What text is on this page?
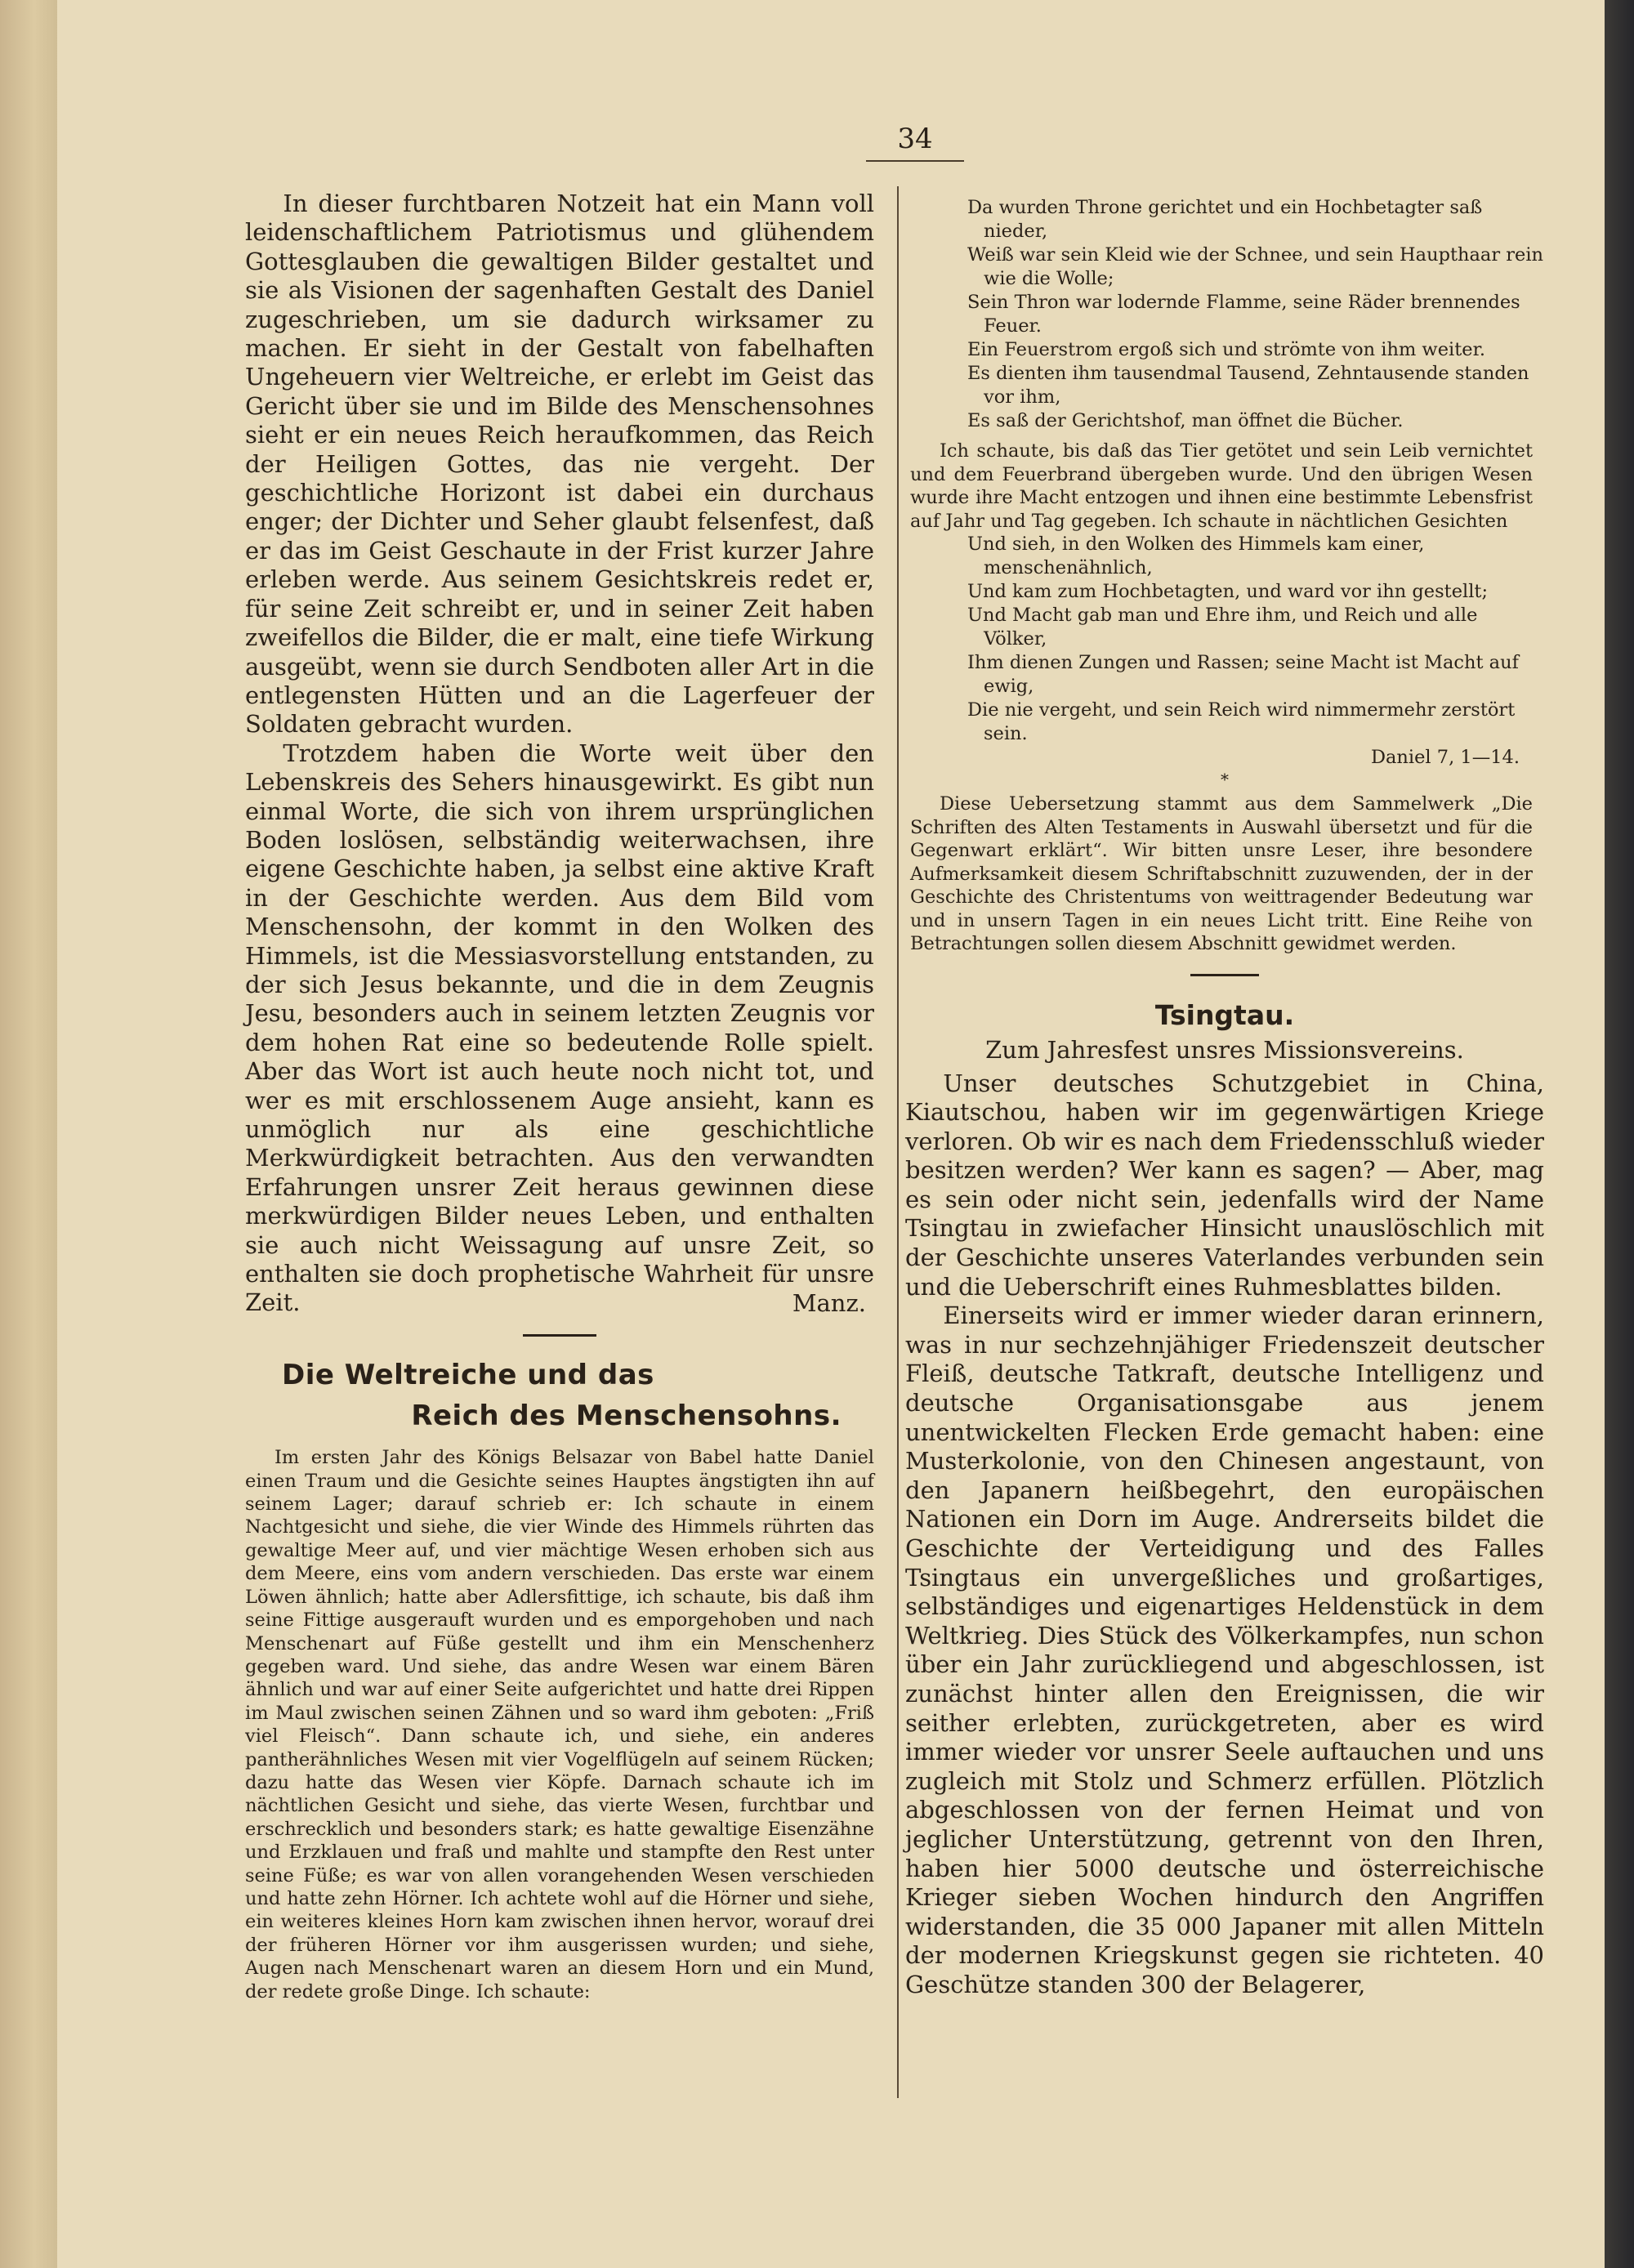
34

In dieser furchtbaren Notzeit hat ein Mann voll leidenschaftlichem Patriotismus und glühendem Gottesglauben die gewaltigen Bilder gestaltet und sie als Visionen der sagenhaften Gestalt des Daniel zugeschrieben, um sie dadurch wirksamer zu machen. Er sieht in der Gestalt von fabelhaften Ungeheuern vier Weltreiche, er erlebt im Geist das Gericht über sie und im Bilde des Menschensohnes sieht er ein neues Reich heraufkommen, das Reich der Heiligen Gottes, das nie vergeht. Der geschichtliche Horizont ist dabei ein durchaus enger; der Dichter und Seher glaubt felsenfest, daß er das im Geist Geschaute in der Frist kurzer Jahre erleben werde. Aus seinem Gesichtskreis redet er, für seine Zeit schreibt er, und in seiner Zeit haben zweifellos die Bilder, die er malt, eine tiefe Wirkung ausgeübt, wenn sie durch Sendboten aller Art in die entlegensten Hütten und an die Lagerfeuer der Soldaten gebracht wurden.

Trotzdem haben die Worte weit über den Lebenskreis des Sehers hinausgewirkt. Es gibt nun einmal Worte, die sich von ihrem ursprünglichen Boden loslösen, selbständig weiterwachsen, ihre eigene Geschichte haben, ja selbst eine aktive Kraft in der Geschichte werden. Aus dem Bild vom Menschensohn, der kommt in den Wolken des Himmels, ist die Messiasvorstellung entstanden, zu der sich Jesus bekannte, und die in dem Zeugnis Jesu, besonders auch in seinem letzten Zeugnis vor dem hohen Rat eine so bedeutende Rolle spielt. Aber das Wort ist auch heute noch nicht tot, und wer es mit erschlossenem Auge ansieht, kann es unmöglich nur als eine geschichtliche Merkwürdigkeit betrachten. Aus den verwandten Erfahrungen unsrer Zeit heraus gewinnen diese merkwürdigen Bilder neues Leben, und enthalten sie auch nicht Weissagung auf unsre Zeit, so enthalten sie doch prophetische Wahrheit für unsre Zeit.	Manz.

Die Weltreiche und das
Reich des Menschensohns.

Im ersten Jahr des Königs Belsazar von Babel hatte Daniel einen Traum und die Gesichte seines Hauptes ängstigten ihn auf seinem Lager; darauf schrieb er: Ich schaute in einem Nachtgesicht und siehe, die vier Winde des Himmels rührten das gewaltige Meer auf, und vier mächtige Wesen erhoben sich aus dem Meere, eins vom andern verschieden. Das erste war einem Löwen ähnlich; hatte aber Adlersfittige, ich schaute, bis daß ihm seine Fittige ausgerauft wurden und es emporgehoben und nach Menschenart auf Füße gestellt und ihm ein Menschenherz gegeben ward. Und siehe, das andre Wesen war einem Bären ähnlich und war auf einer Seite aufgerichtet und hatte drei Rippen im Maul zwischen seinen Zähnen und so ward ihm geboten: „Friß viel Fleisch“. Dann schaute ich, und siehe, ein anderes pantherähnliches Wesen mit vier Vogelflügeln auf seinem Rücken; dazu hatte das Wesen vier Köpfe. Darnach schaute ich im nächtlichen Gesicht und siehe, das vierte Wesen, furchtbar und erschrecklich und besonders stark; es hatte gewaltige Eisenzähne und Erzklauen und fraß und mahlte und stampfte den Rest unter seine Füße; es war von allen vorangehenden Wesen verschieden und hatte zehn Hörner. Ich achtete wohl auf die Hörner und siehe, ein weiteres kleines Horn kam zwischen ihnen hervor, worauf drei der früheren Hörner vor ihm ausgerissen wurden; und siehe, Augen nach Menschenart waren an diesem Horn und ein Mund, der redete große Dinge. Ich schaute:

Da wurden Throne gerichtet und ein Hochbetagter saß nieder,

Weiß war sein Kleid wie der Schnee, und sein Haupthaar rein wie die Wolle;

Sein Thron war lodernde Flamme, seine Räder brennendes Feuer.

Ein Feuerstrom ergoß sich und strömte von ihm weiter.

Es dienten ihm tausendmal Tausend, Zehntausende standen vor ihm,

Es saß der Gerichtshof, man öffnet die Bücher.

Ich schaute, bis daß das Tier getötet und sein Leib vernichtet und dem Feuerbrand übergeben wurde. Und den übrigen Wesen wurde ihre Macht entzogen und ihnen eine bestimmte Lebensfrist auf Jahr und Tag gegeben. Ich schaute in nächtlichen Gesichten

Und sieh, in den Wolken des Himmels kam einer, menschenähnlich,

Und kam zum Hochbetagten, und ward vor ihn gestellt;

Und Macht gab man und Ehre ihm, und Reich und alle Völker,

Ihm dienen Zungen und Rassen; seine Macht ist Macht auf ewig,

Die nie vergeht, und sein Reich wird nimmermehr zerstört sein.

Daniel 7, 1—14.

*

Diese Uebersetzung stammt aus dem Sammelwerk „Die Schriften des Alten Testaments in Auswahl übersetzt und für die Gegenwart erklärt“. Wir bitten unsre Leser, ihre besondere Aufmerksamkeit diesem Schriftabschnitt zuzuwenden, der in der Geschichte des Christentums von weittragender Bedeutung war und in unsern Tagen in ein neues Licht tritt. Eine Reihe von Betrachtungen sollen diesem Abschnitt gewidmet werden.

Tsingtau.

Zum Jahresfest unsres Missionsvereins.

Unser deutsches Schutzgebiet in China, Kiautschou, haben wir im gegenwärtigen Kriege verloren. Ob wir es nach dem Friedensschluß wieder besitzen werden? Wer kann es sagen? — Aber, mag es sein oder nicht sein, jedenfalls wird der Name Tsingtau in zwiefacher Hinsicht unauslöschlich mit der Geschichte unseres Vaterlandes verbunden sein und die Ueberschrift eines Ruhmesblattes bilden.

Einerseits wird er immer wieder daran erinnern, was in nur sechzehnjähiger Friedenszeit deutscher Fleiß, deutsche Tatkraft, deutsche Intelligenz und deutsche Organisationsgabe aus jenem unentwickelten Flecken Erde gemacht haben: eine Musterkolonie, von den Chinesen angestaunt, von den Japanern heißbegehrt, den europäischen Nationen ein Dorn im Auge. Andrerseits bildet die Geschichte der Verteidigung und des Falles Tsingtaus ein unvergeßliches und großartiges, selbständiges und eigenartiges Heldenstück in dem Weltkrieg. Dies Stück des Völkerkampfes, nun schon über ein Jahr zurückliegend und abgeschlossen, ist zunächst hinter allen den Ereignissen, die wir seither erlebten, zurückgetreten, aber es wird immer wieder vor unsrer Seele auftauchen und uns zugleich mit Stolz und Schmerz erfüllen. Plötzlich abgeschlossen von der fernen Heimat und von jeglicher Unterstützung, getrennt von den Ihren, haben hier 5000 deutsche und österreichische Krieger sieben Wochen hindurch den Angriffen widerstanden, die 35 000 Japaner mit allen Mitteln der modernen Kriegskunst gegen sie richteten. 40 Geschütze standen 300 der Belagerer,
